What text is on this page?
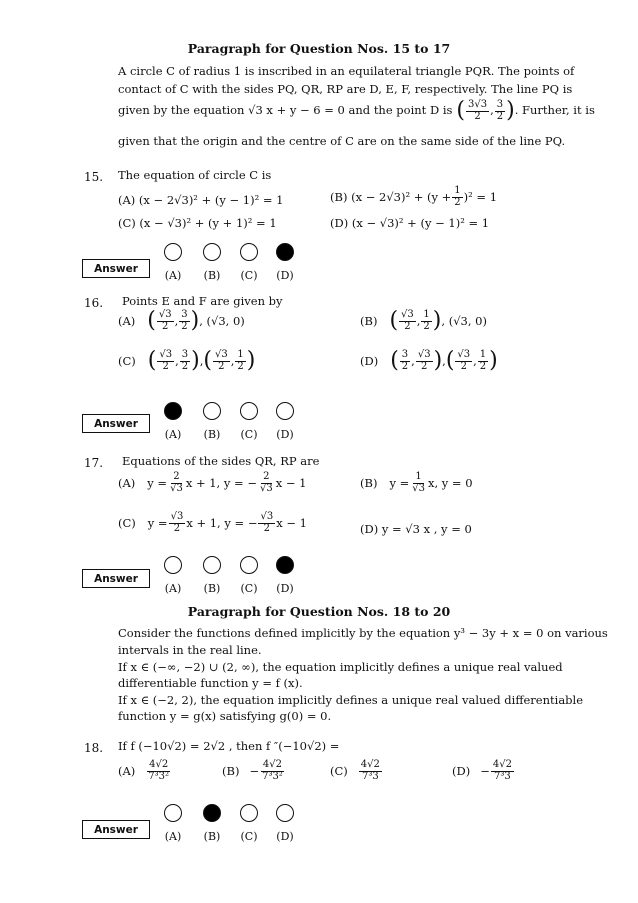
Paragraph for Question Nos. 15 to 17
A circle C of radius 1 is inscribed in an equilateral triangle PQR. The points of
contact of C with the sides PQ, QR, RP are D, E, F, respectively. The line PQ is
given by the equation √3 x + y − 6 = 0 and the point D is ( $\frac{3√3}{2}$ , $\frac{3}{2}$ ) . Further, it is
given that the origin and the centre of C are on the same side of the line PQ.
15. The equation of circle C is
(A) (x − 2√3)² + (y − 1)² = 1	(B) $(x - 2√3)^2 + (y + \frac{1}{2} )^2 = 1$
(C) (x − √3)² + (y + 1)² = 1	(D) (x − √3)² + (y − 1)² = 1
Answer
(A)	(B)	(C)	(D)
16. Points E and F are given by
(A) ( $\frac{√3}{2}$ , $\frac{3}{2}$ ) , (√3, 0)	(B) ( $\frac{√3}{2}$ , $\frac{1}{2}$ ) , (√3, 0)
(C) ( $\frac{√3}{2}$ , $\frac{3}{2}$ ) , ( $\frac{√3}{2}$ , $\frac{1}{2}$ )	(D) ( $\frac{3}{2}$ , $\frac{√3}{2}$ ) , ( $\frac{√3}{2}$ , $\frac{1}{2}$ )
Answer
(A)	(B)	(C)	(D)
17. Equations of the sides QR, RP are
(A) $y = \frac{2}{√3}$ x + 1, y = − $\frac{2}{√3}$ x − 1	(B) $y = \frac{1}{√3} x$, y = 0
(C) $y = \frac{√3}{2}$ x + 1, y = − $\frac{√3}{2}$ x − 1	(D) y = √3 x , y = 0
Answer
(A)	(B)	(C)	(D)
Paragraph for Question Nos. 18 to 20
Consider the functions defined implicitly by the equation y³ − 3y + x = 0 on various
intervals in the real line.
If x ∈ (−∞, −2) ∪ (2, ∞), the equation implicitly defines a unique real valued
differentiable function y = f (x).
If x ∈ (−2, 2), the equation implicitly defines a unique real valued differentiable
function y = g(x) satisfying g(0) = 0.
18. If f (−10√2) = 2√2 , then f ″(−10√2) =
$(A) \frac{4√2}{\text{7³3²}}$	$(B) - \frac{4√2}{\text{7³3²}}$	$(C) \frac{4√2}{\text{7³3}}$	$(D) - \frac{4√2}{\text{7³3}}$
Answer
(A)	(B)	(C)	(D)
